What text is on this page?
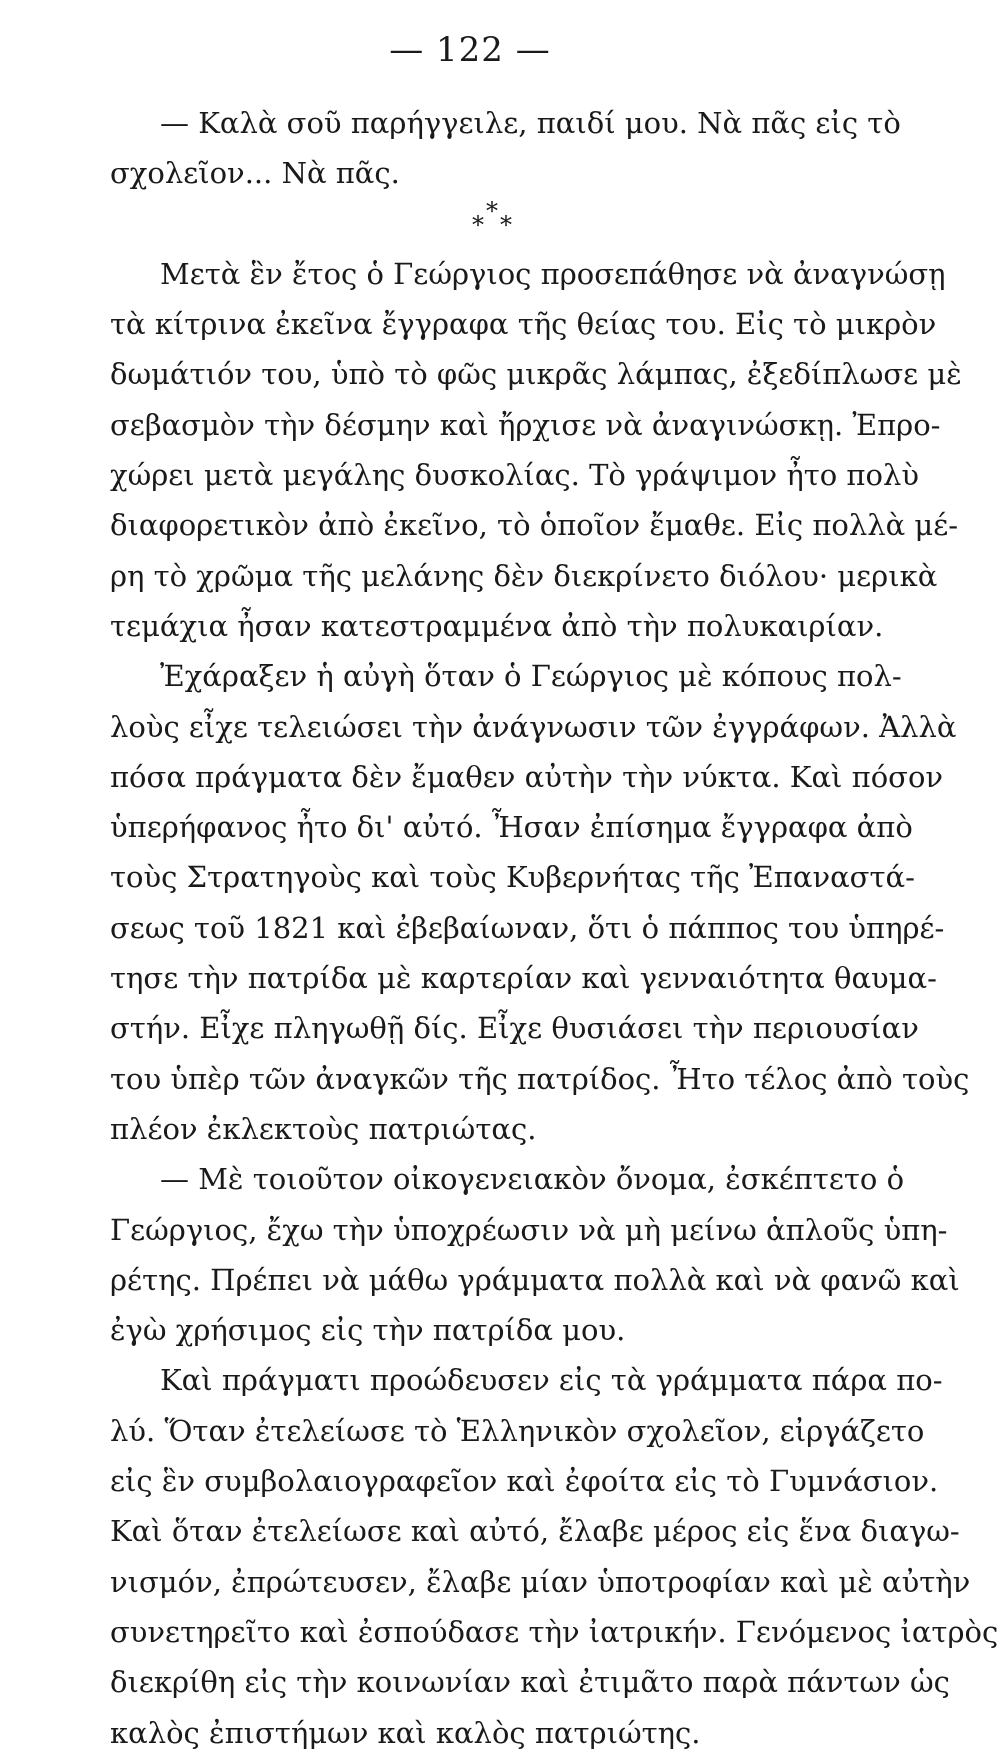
— 122 —
— Καλὰ σοῦ παρήγγειλε, παιδί μου. Νὰ πᾶς εἰς τὸ
σχολεῖον... Νὰ πᾶς.
*
* *
Μετὰ ἓν ἔτος ὁ Γεώργιος προσεπάθησε νὰ ἀναγνώσῃ
τὰ κίτρινα ἐκεῖνα ἔγγραφα τῆς θείας του. Εἰς τὸ μικρὸν
δωμάτιόν του, ὑπὸ τὸ φῶς μικρᾶς λάμπας, ἐξεδίπλωσε μὲ
σεβασμὸν τὴν δέσμην καὶ ἤρχισε νὰ ἀναγινώσκῃ. Ἐπρο-
χώρει μετὰ μεγάλης δυσκολίας. Τὸ γράψιμον ἦτο πολὺ
διαφορετικὸν ἀπὸ ἐκεῖνο, τὸ ὁποῖον ἔμαθε. Εἰς πολλὰ μέ-
ρη τὸ χρῶμα τῆς μελάνης δὲν διεκρίνετο διόλου· μερικὰ
τεμάχια ἦσαν κατεστραμμένα ἀπὸ τὴν πολυκαιρίαν.
Ἐχάραξεν ἡ αὐγὴ ὅταν ὁ Γεώργιος μὲ κόπους πολ-
λοὺς εἶχε τελειώσει τὴν ἀνάγνωσιν τῶν ἐγγράφων. Ἀλλὰ
πόσα πράγματα δὲν ἔμαθεν αὐτὴν τὴν νύκτα. Καὶ πόσον
ὑπερήφανος ἦτο δι' αὐτό. Ἦσαν ἐπίσημα ἔγγραφα ἀπὸ
τοὺς Στρατηγοὺς καὶ τοὺς Κυβερνήτας τῆς Ἐπαναστά-
σεως τοῦ 1821 καὶ ἐβεβαίωναν, ὅτι ὁ πάππος του ὑπηρέ-
τησε τὴν πατρίδα μὲ καρτερίαν καὶ γενναιότητα θαυμα-
στήν. Εἶχε πληγωθῇ δίς. Εἶχε θυσιάσει τὴν περιουσίαν
του ὑπὲρ τῶν ἀναγκῶν τῆς πατρίδος. Ἦτο τέλος ἀπὸ τοὺς
πλέον ἐκλεκτοὺς πατριώτας.
— Μὲ τοιοῦτον οἰκογενειακὸν ὄνομα, ἐσκέπτετο ὁ
Γεώργιος, ἔχω τὴν ὑποχρέωσιν νὰ μὴ μείνω ἁπλοῦς ὑπη-
ρέτης. Πρέπει νὰ μάθω γράμματα πολλὰ καὶ νὰ φανῶ καὶ
ἐγὼ χρήσιμος εἰς τὴν πατρίδα μου.
Καὶ πράγματι προώδευσεν εἰς τὰ γράμματα πάρα πο-
λύ. Ὅταν ἐτελείωσε τὸ Ἑλληνικὸν σχολεῖον, εἰργάζετο
εἰς ἓν συμβολαιογραφεῖον καὶ ἐφοίτα εἰς τὸ Γυμνάσιον.
Καὶ ὅταν ἐτελείωσε καὶ αὐτό, ἔλαβε μέρος εἰς ἕνα διαγω-
νισμόν, ἐπρώτευσεν, ἔλαβε μίαν ὑποτροφίαν καὶ μὲ αὐτὴν
συνετηρεῖτο καὶ ἐσπούδασε τὴν ἰατρικήν. Γενόμενος ἰατρὸς
διεκρίθη εἰς τὴν κοινωνίαν καὶ ἐτιμᾶτο παρὰ πάντων ὡς
καλὸς ἐπιστήμων καὶ καλὸς πατριώτης.
